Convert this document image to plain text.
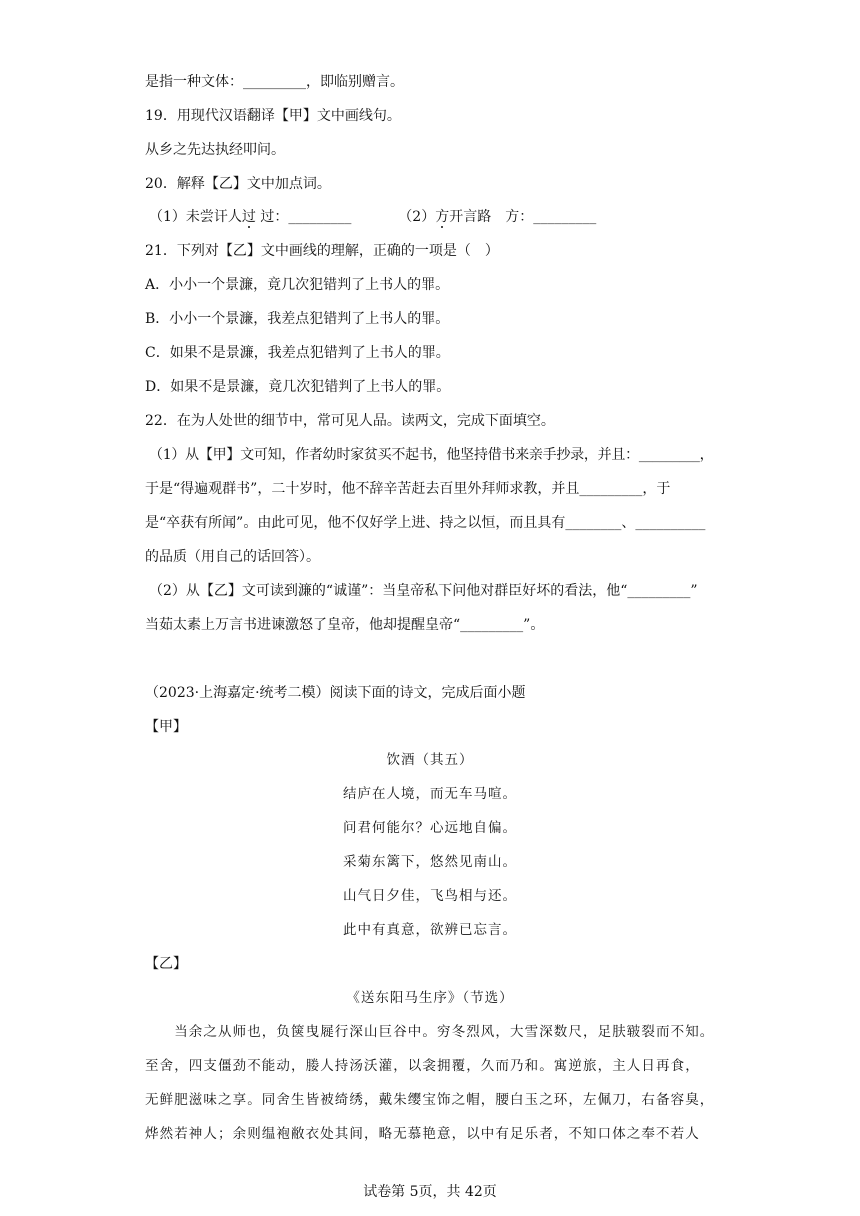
是指一种文体：_________，即临别赠言。
19．用现代汉语翻译【甲】文中画线句。
从乡之先达执经叩问。
20．解释【乙】文中加点词。
（1）未尝讦人过 过：_________	（2）方开言路　方：_________
21．下列对【乙】文中画线的理解，正确的一项是（　）
A．小小一个景濂，竟几次犯错判了上书人的罪。
B．小小一个景濂，我差点犯错判了上书人的罪。
C．如果不是景濂，我差点犯错判了上书人的罪。
D．如果不是景濂，竟几次犯错判了上书人的罪。
22．在为人处世的细节中，常可见人品。读两文，完成下面填空。
（1）从【甲】文可知，作者幼时家贫买不起书，他坚持借书来亲手抄录，并且：_________，
于是“得遍观群书”，二十岁时，他不辞辛苦赶去百里外拜师求教，并且_________，于
是“卒获有所闻”。由此可见，他不仅好学上进、持之以恒，而且具有________、__________
的品质（用自己的话回答）。
（2）从【乙】文可读到濂的“诚谨”：当皇帝私下问他对群臣好坏的看法，他“_________”
当茹太素上万言书进谏激怒了皇帝，他却提醒皇帝“_________”。
（2023·上海嘉定·统考二模）阅读下面的诗文，完成后面小题
【甲】
饮酒（其五）
结庐在人境，而无车马喧。
问君何能尔？心远地自偏。
采菊东篱下，悠然见南山。
山气日夕佳，飞鸟相与还。
此中有真意，欲辨已忘言。
【乙】
《送东阳马生序》（节选）
　　当余之从师也，负箧曳屣行深山巨谷中。穷冬烈风，大雪深数尺，足肤皲裂而不知。
至舍，四支僵劲不能动，媵人持汤沃灌，以衾拥覆，久而乃和。寓逆旅，主人日再食，
无鲜肥滋味之享。同舍生皆被绮绣，戴朱缨宝饰之帽，腰白玉之环，左佩刀，右备容臭，
烨然若神人；余则缊袍敝衣处其间，略无慕艳意，以中有足乐者，不知口体之奉不若人
试卷第 5页，共 42页
